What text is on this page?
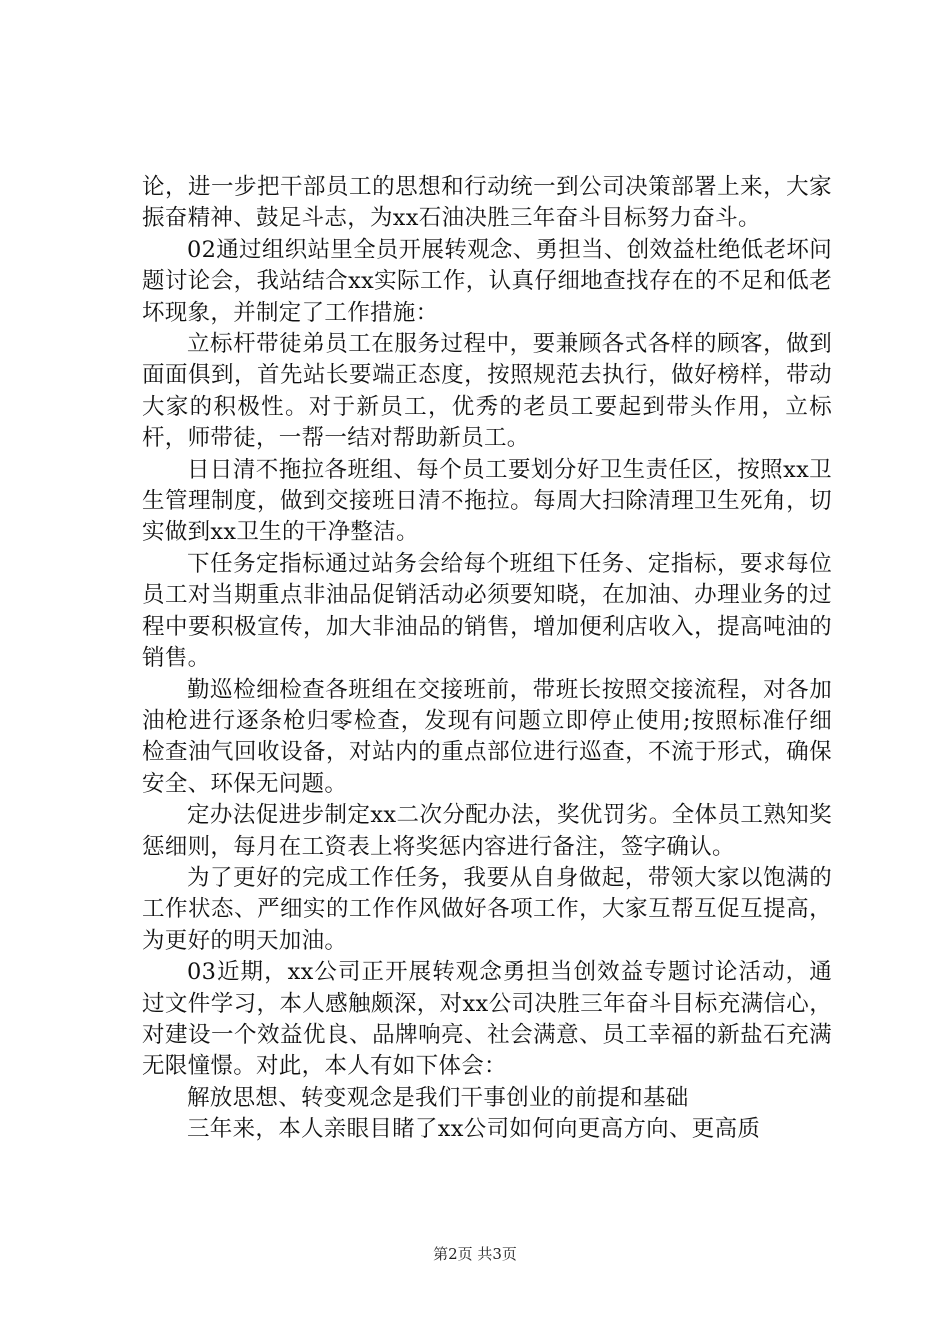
论，进一步把干部员工的思想和行动统一到公司决策部署上来，大家振奋精神、鼓足斗志，为xx石油决胜三年奋斗目标努力奋斗。

02通过组织站里全员开展转观念、勇担当、创效益杜绝低老坏问题讨论会，我站结合xx实际工作，认真仔细地查找存在的不足和低老坏现象，并制定了工作措施：

立标杆带徒弟员工在服务过程中，要兼顾各式各样的顾客，做到面面俱到，首先站长要端正态度，按照规范去执行，做好榜样，带动大家的积极性。对于新员工，优秀的老员工要起到带头作用，立标杆，师带徒，一帮一结对帮助新员工。

日日清不拖拉各班组、每个员工要划分好卫生责任区，按照xx卫生管理制度，做到交接班日清不拖拉。每周大扫除清理卫生死角，切实做到xx卫生的干净整洁。

下任务定指标通过站务会给每个班组下任务、定指标，要求每位员工对当期重点非油品促销活动必须要知晓，在加油、办理业务的过程中要积极宣传，加大非油品的销售，增加便利店收入，提高吨油的销售。

勤巡检细检查各班组在交接班前，带班长按照交接流程，对各加油枪进行逐条枪归零检查，发现有问题立即停止使用;按照标准仔细检查油气回收设备，对站内的重点部位进行巡查，不流于形式，确保安全、环保无问题。

定办法促进步制定xx二次分配办法，奖优罚劣。全体员工熟知奖惩细则，每月在工资表上将奖惩内容进行备注，签字确认。

为了更好的完成工作任务，我要从自身做起，带领大家以饱满的工作状态、严细实的工作作风做好各项工作，大家互帮互促互提高，为更好的明天加油。

03近期，xx公司正开展转观念勇担当创效益专题讨论活动，通过文件学习，本人感触颇深，对xx公司决胜三年奋斗目标充满信心，对建设一个效益优良、品牌响亮、社会满意、员工幸福的新盐石充满无限憧憬。对此，本人有如下体会：

解放思想、转变观念是我们干事创业的前提和基础

三年来，本人亲眼目睹了xx公司如何向更高方向、更高质

第2页 共3页
